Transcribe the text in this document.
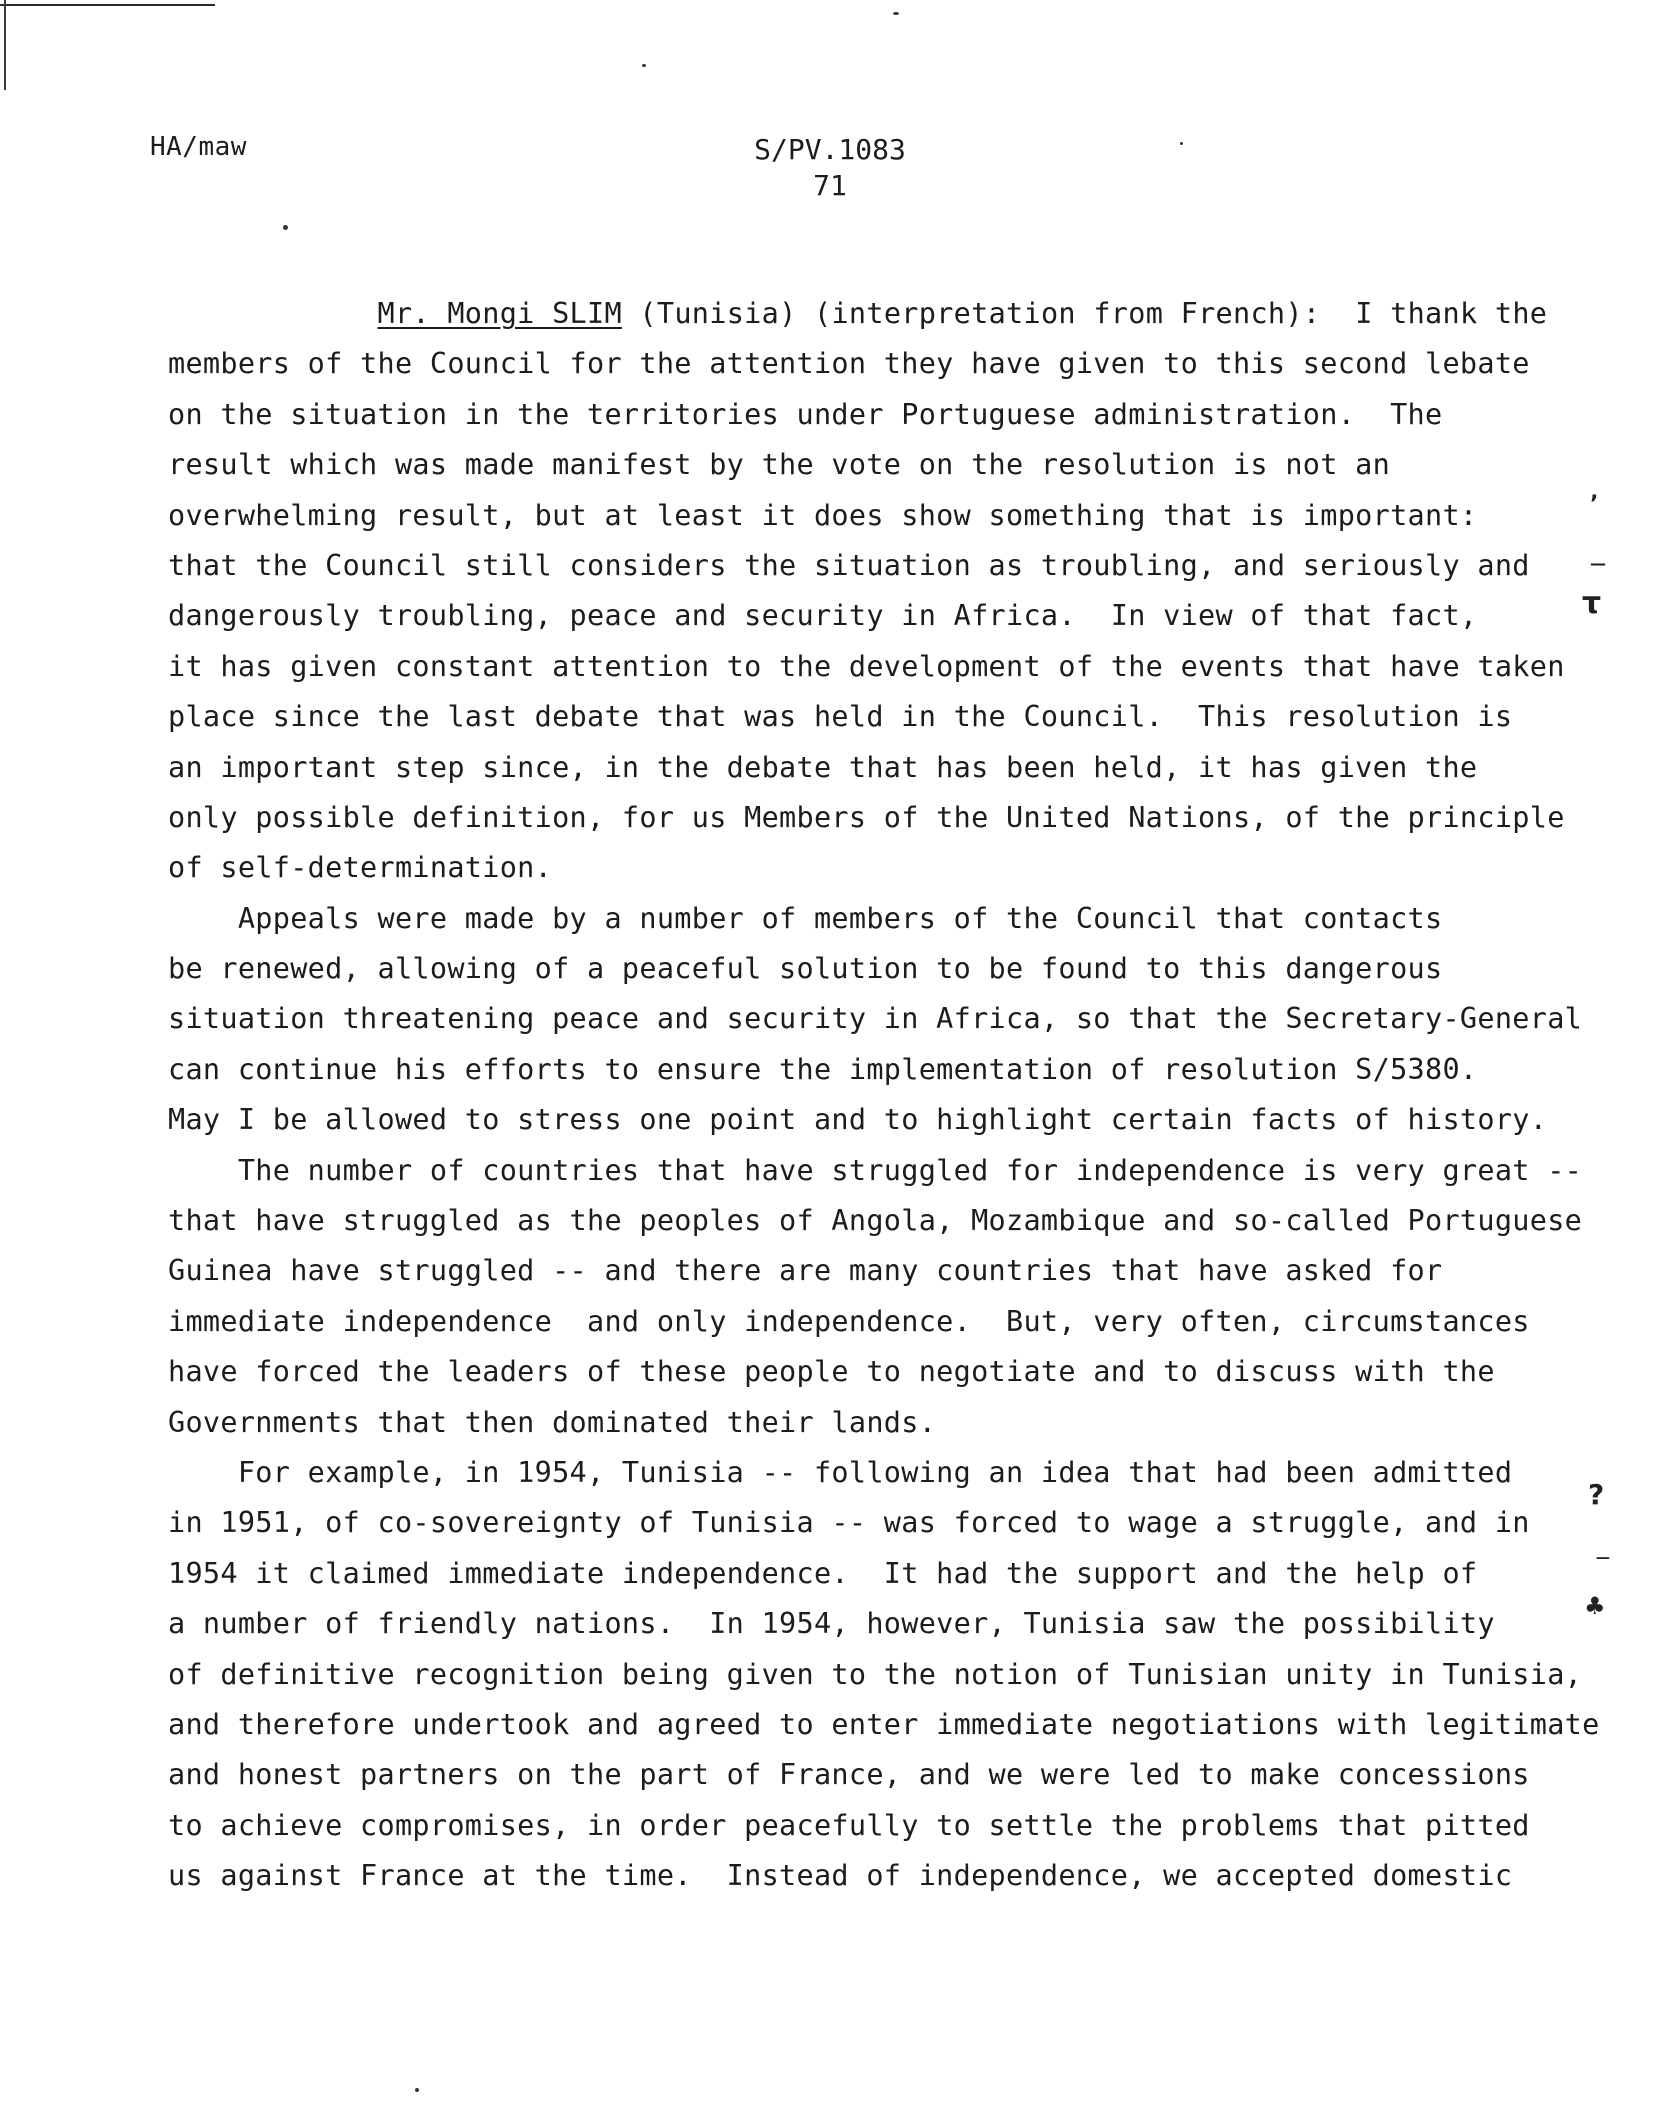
’
—
τ
?
—
♣
HA/maw	S/PV.1083
71
Mr. Mongi SLIM (Tunisia) (interpretation from French):  I thank the
members of the Council for the attention they have given to this second lebate
on the situation in the territories under Portuguese administration.  The
result which was made manifest by the vote on the resolution is not an
overwhelming result, but at least it does show something that is important:
that the Council still considers the situation as troubling, and seriously and
dangerously troubling, peace and security in Africa.  In view of that fact,
it has given constant attention to the development of the events that have taken
place since the last debate that was held in the Council.  This resolution is
an important step since, in the debate that has been held, it has given the
only possible definition, for us Members of the United Nations, of the principle
of self-determination.
Appeals were made by a number of members of the Council that contacts
be renewed, allowing of a peaceful solution to be found to this dangerous
situation threatening peace and security in Africa, so that the Secretary-General
can continue his efforts to ensure the implementation of resolution S/5380.
May I be allowed to stress one point and to highlight certain facts of history.
The number of countries that have struggled for independence is very great --
that have struggled as the peoples of Angola, Mozambique and so-called Portuguese
Guinea have struggled -- and there are many countries that have asked for
immediate independence  and only independence.  But, very often, circumstances
have forced the leaders of these people to negotiate and to discuss with the
Governments that then dominated their lands.
For example, in 1954, Tunisia -- following an idea that had been admitted
in 1951, of co-sovereignty of Tunisia -- was forced to wage a struggle, and in
1954 it claimed immediate independence.  It had the support and the help of
a number of friendly nations.  In 1954, however, Tunisia saw the possibility
of definitive recognition being given to the notion of Tunisian unity in Tunisia,
and therefore undertook and agreed to enter immediate negotiations with legitimate
and honest partners on the part of France, and we were led to make concessions
to achieve compromises, in order peacefully to settle the problems that pitted
us against France at the time.  Instead of independence, we accepted domestic
